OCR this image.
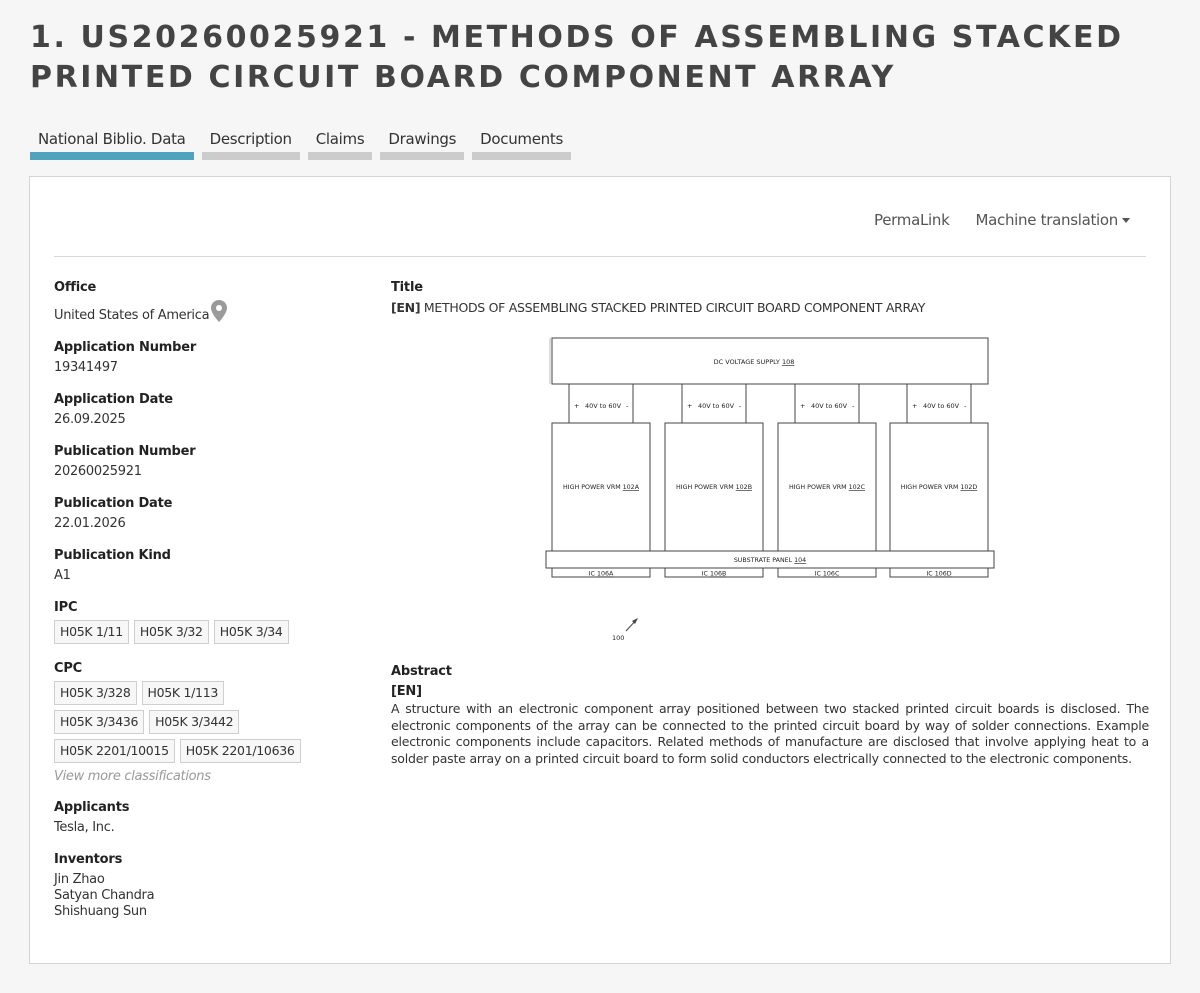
1. US20260025921 - METHODS OF ASSEMBLING STACKED PRINTED CIRCUIT BOARD COMPONENT ARRAY
National Biblio. Data	Description	Claims	Drawings	Documents
PermaLink Machine translation
Office
United States of America
Application Number
19341497
Application Date
26.09.2025
Publication Number
20260025921
Publication Date
22.01.2026
Publication Kind
A1
IPC
H05K 1/11	H05K 3/32	H05K 3/34
CPC
H05K 3/328	H05K 1/113
H05K 3/3436	H05K 3/3442
H05K 2201/10015	H05K 2201/10636
View more classifications
Applicants
Tesla, Inc.
Inventors
Jin Zhao
Satyan Chandra
Shishuang Sun
Title
[EN] METHODS OF ASSEMBLING STACKED PRINTED CIRCUIT BOARD COMPONENT ARRAY
DC VOLTAGE SUPPLY 108
+ 40V to 60V -
HIGH POWER VRM 102A
+ 40V to 60V -
HIGH POWER VRM 102B
+ 40V to 60V -
HIGH POWER VRM 102C
+ 40V to 60V -
HIGH POWER VRM 102D
SUBSTRATE PANEL 104
IC 106A	IC 106B	IC 106C	IC 106D
100
Abstract
[EN]
A structure with an electronic component array positioned between two stacked printed circuit boards is disclosed. The electronic components of the array can be connected to the printed circuit board by way of solder connections. Example electronic components include capacitors. Related methods of manufacture are disclosed that involve applying heat to a solder paste array on a printed circuit board to form solid conductors electrically connected to the electronic components.
